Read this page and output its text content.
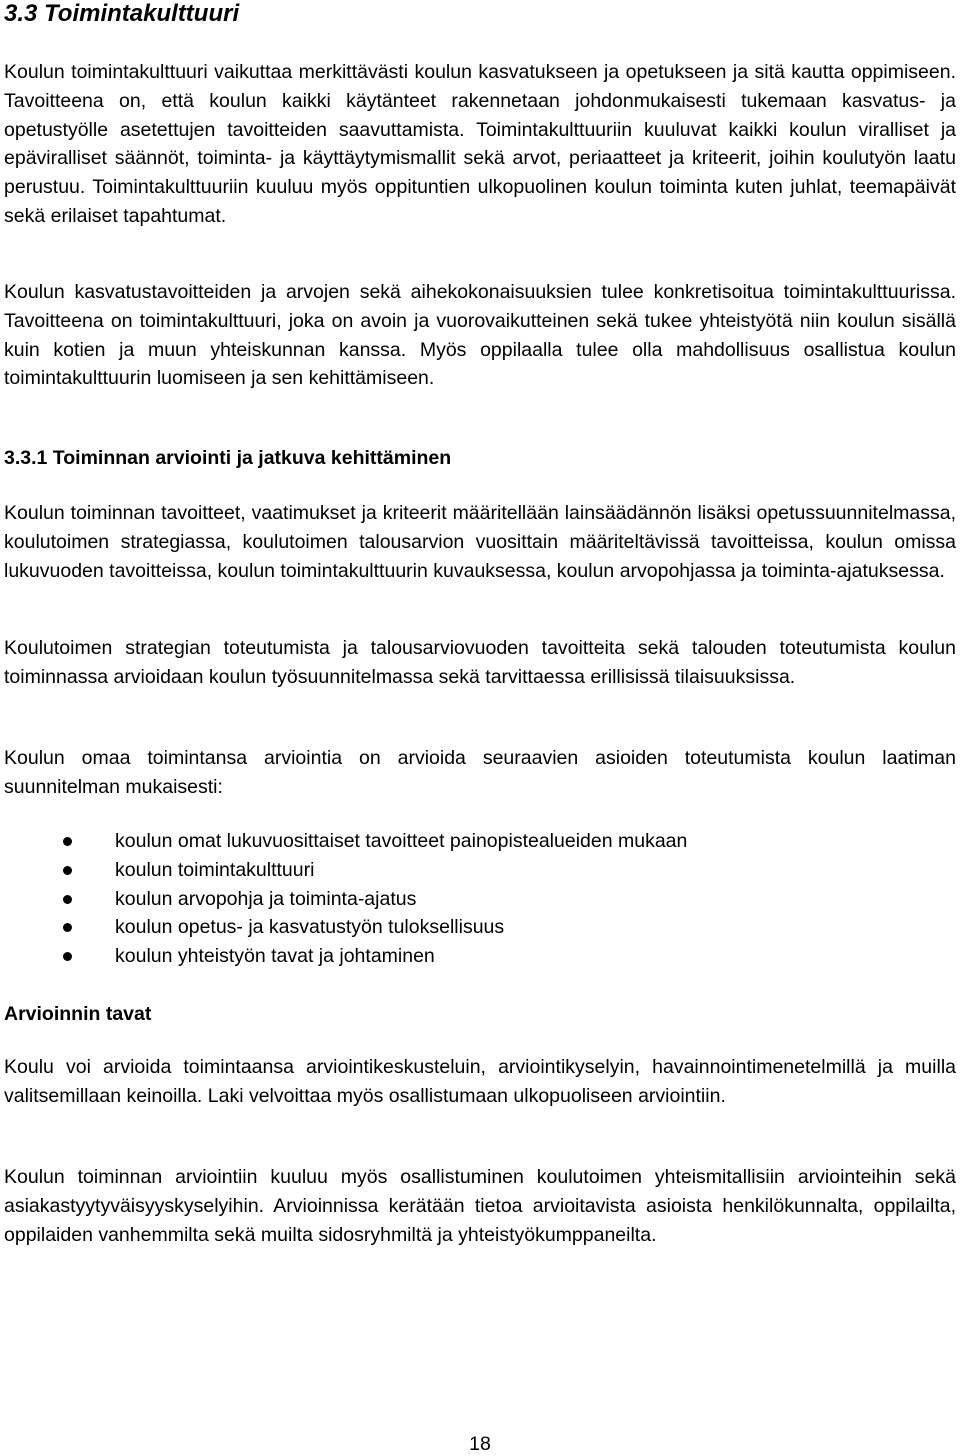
3.3 Toimintakulttuuri

Koulun toimintakulttuuri vaikuttaa merkittävästi koulun kasvatukseen ja opetukseen ja sitä kautta oppimiseen. Tavoitteena on, että koulun kaikki käytänteet rakennetaan johdonmukaisesti tukemaan kasvatus- ja opetustyölle asetettujen tavoitteiden saavuttamista. Toimintakulttuuriin kuuluvat kaikki koulun viralliset ja epäviralliset säännöt, toiminta- ja käyttäytymismallit sekä arvot, periaatteet ja kriteerit, joihin koulutyön laatu perustuu. Toimintakulttuuriin kuuluu myös oppituntien ulkopuolinen koulun toiminta kuten juhlat, teemapäivät sekä erilaiset tapahtumat.

Koulun kasvatustavoitteiden ja arvojen sekä aihekokonaisuuksien tulee konkretisoitua toimintakulttuurissa. Tavoitteena on toimintakulttuuri, joka on avoin ja vuorovaikutteinen sekä tukee yhteistyötä niin koulun sisällä kuin kotien ja muun yhteiskunnan kanssa. Myös oppilaalla tulee olla mahdollisuus osallistua koulun toimintakulttuurin luomiseen ja sen kehittämiseen.

3.3.1 Toiminnan arviointi ja jatkuva kehittäminen

Koulun toiminnan tavoitteet, vaatimukset ja kriteerit määritellään lainsäädännön lisäksi opetussuunnitelmassa, koulutoimen strategiassa, koulutoimen talousarvion vuosittain määriteltävissä tavoitteissa, koulun omissa lukuvuoden tavoitteissa, koulun toimintakulttuurin kuvauksessa, koulun arvopohjassa ja toiminta-ajatuksessa.

Koulutoimen strategian toteutumista ja talousarviovuoden tavoitteita sekä talouden toteutumista koulun toiminnassa arvioidaan koulun työsuunnitelmassa sekä tarvittaessa erillisissä tilaisuuksissa.

Koulun omaa toimintansa arviointia on arvioida seuraavien asioiden toteutumista koulun laatiman suunnitelman mukaisesti:

koulun omat lukuvuosittaiset tavoitteet painopistealueiden mukaan
koulun toimintakulttuuri
koulun arvopohja ja toiminta-ajatus
koulun opetus- ja kasvatustyön tuloksellisuus
koulun yhteistyön tavat ja johtaminen
Arvioinnin tavat

Koulu voi arvioida toimintaansa arviointikeskusteluin, arviointikyselyin, havainnointimenetelmillä ja muilla valitsemillaan keinoilla. Laki velvoittaa myös osallistumaan ulkopuoliseen arviointiin.

Koulun toiminnan arviointiin kuuluu myös osallistuminen koulutoimen yhteismitallisiin arviointeihin sekä asiakastyytyväisyyskyselyihin. Arvioinnissa kerätään tietoa arvioitavista asioista henkilökunnalta, oppilailta, oppilaiden vanhemmilta sekä muilta sidosryhmiltä ja yhteistyökumppaneilta.

18
